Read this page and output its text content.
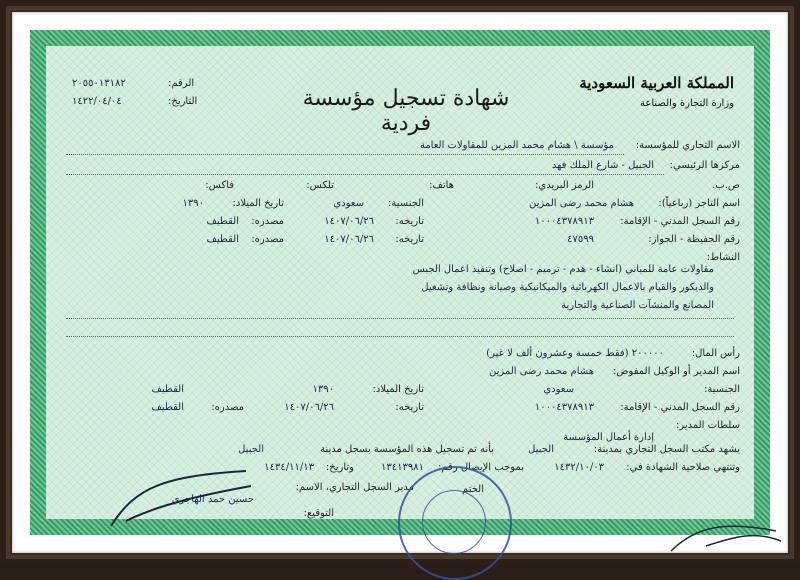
المملكة العربية السعودية
وزارة التجارة والصناعة
شهادة تسجيل مؤسسة فردية
الرقم:
٢٠٥٥٠١٣١٨٢
التاريخ:
١٤٢٢/٠٤/٠٤
الاسم التجاري للمؤسسة:
مؤسسة \ هشام محمد المزين للمقاولات العامة
مركزها الرئيسي:
الجبيل - شارع الملك فهد
ص.ب.
الرمز البريدي:
هاتف:
تلكس:
فاكس:
اسم التاجر (رباعياً):
هشام محمد رضى المزين
الجنسية:
سعودي
تاريخ الميلاد:
١٣٩٠
رقم السجل المدني - الإقامة:
١٠٠٠٤٣٧٨٩١٣
تاريخه:
١٤٠٧/٠٦/٢٦
مصدره:
القطيف
رقم الحفيظة - الجواز:
٤٧٥٩٩
تاريخه:
١٤٠٧/٠٦/٢٦
مصدره:
القطيف
النشاط:
مقاولات عامة للمباني (انشاء - هدم - ترميم - اصلاح) وتنفيذ اعمال الجبس
والديكور والقيام بالاعمال الكهربائية والميكانيكية وصيانة ونظافة وتشغيل
المصانع والمنشآت الصناعية والتجارية
رأس المال:
٢٠٠٠٠٠ (فقط خمسة وعشرون ألف لا غير)
اسم المدير أو الوكيل المفوض:
هشام محمد رضى المزين
الجنسية:
سعودي
تاريخ الميلاد:
١٣٩٠
القطيف
رقم السجل المدني - الإقامة:
١٠٠٠٤٣٧٨٩١٣
تاريخه:
١٤٠٧/٠٦/٢٦
مصدره:
القطيف
سلطات المدير:
إدارة أعمال المؤسسة
يشهد مكتب السجل التجاري بمدينة:
الجبيل
بأنه تم تسجيل هذه المؤسسة بسجل مدينة
الجبيل
وتنتهي صلاحية الشهادة في:
١٤٣٢/١٠/٠٣
بموجب الإيصال رقم:
١٣٤١٣٩٨١
وتاريخ:
١٤٣٤/١١/١٣
الختم
مدير السجل التجاري، الاسم:
حسين حمد الهاجري
التوقيع:
